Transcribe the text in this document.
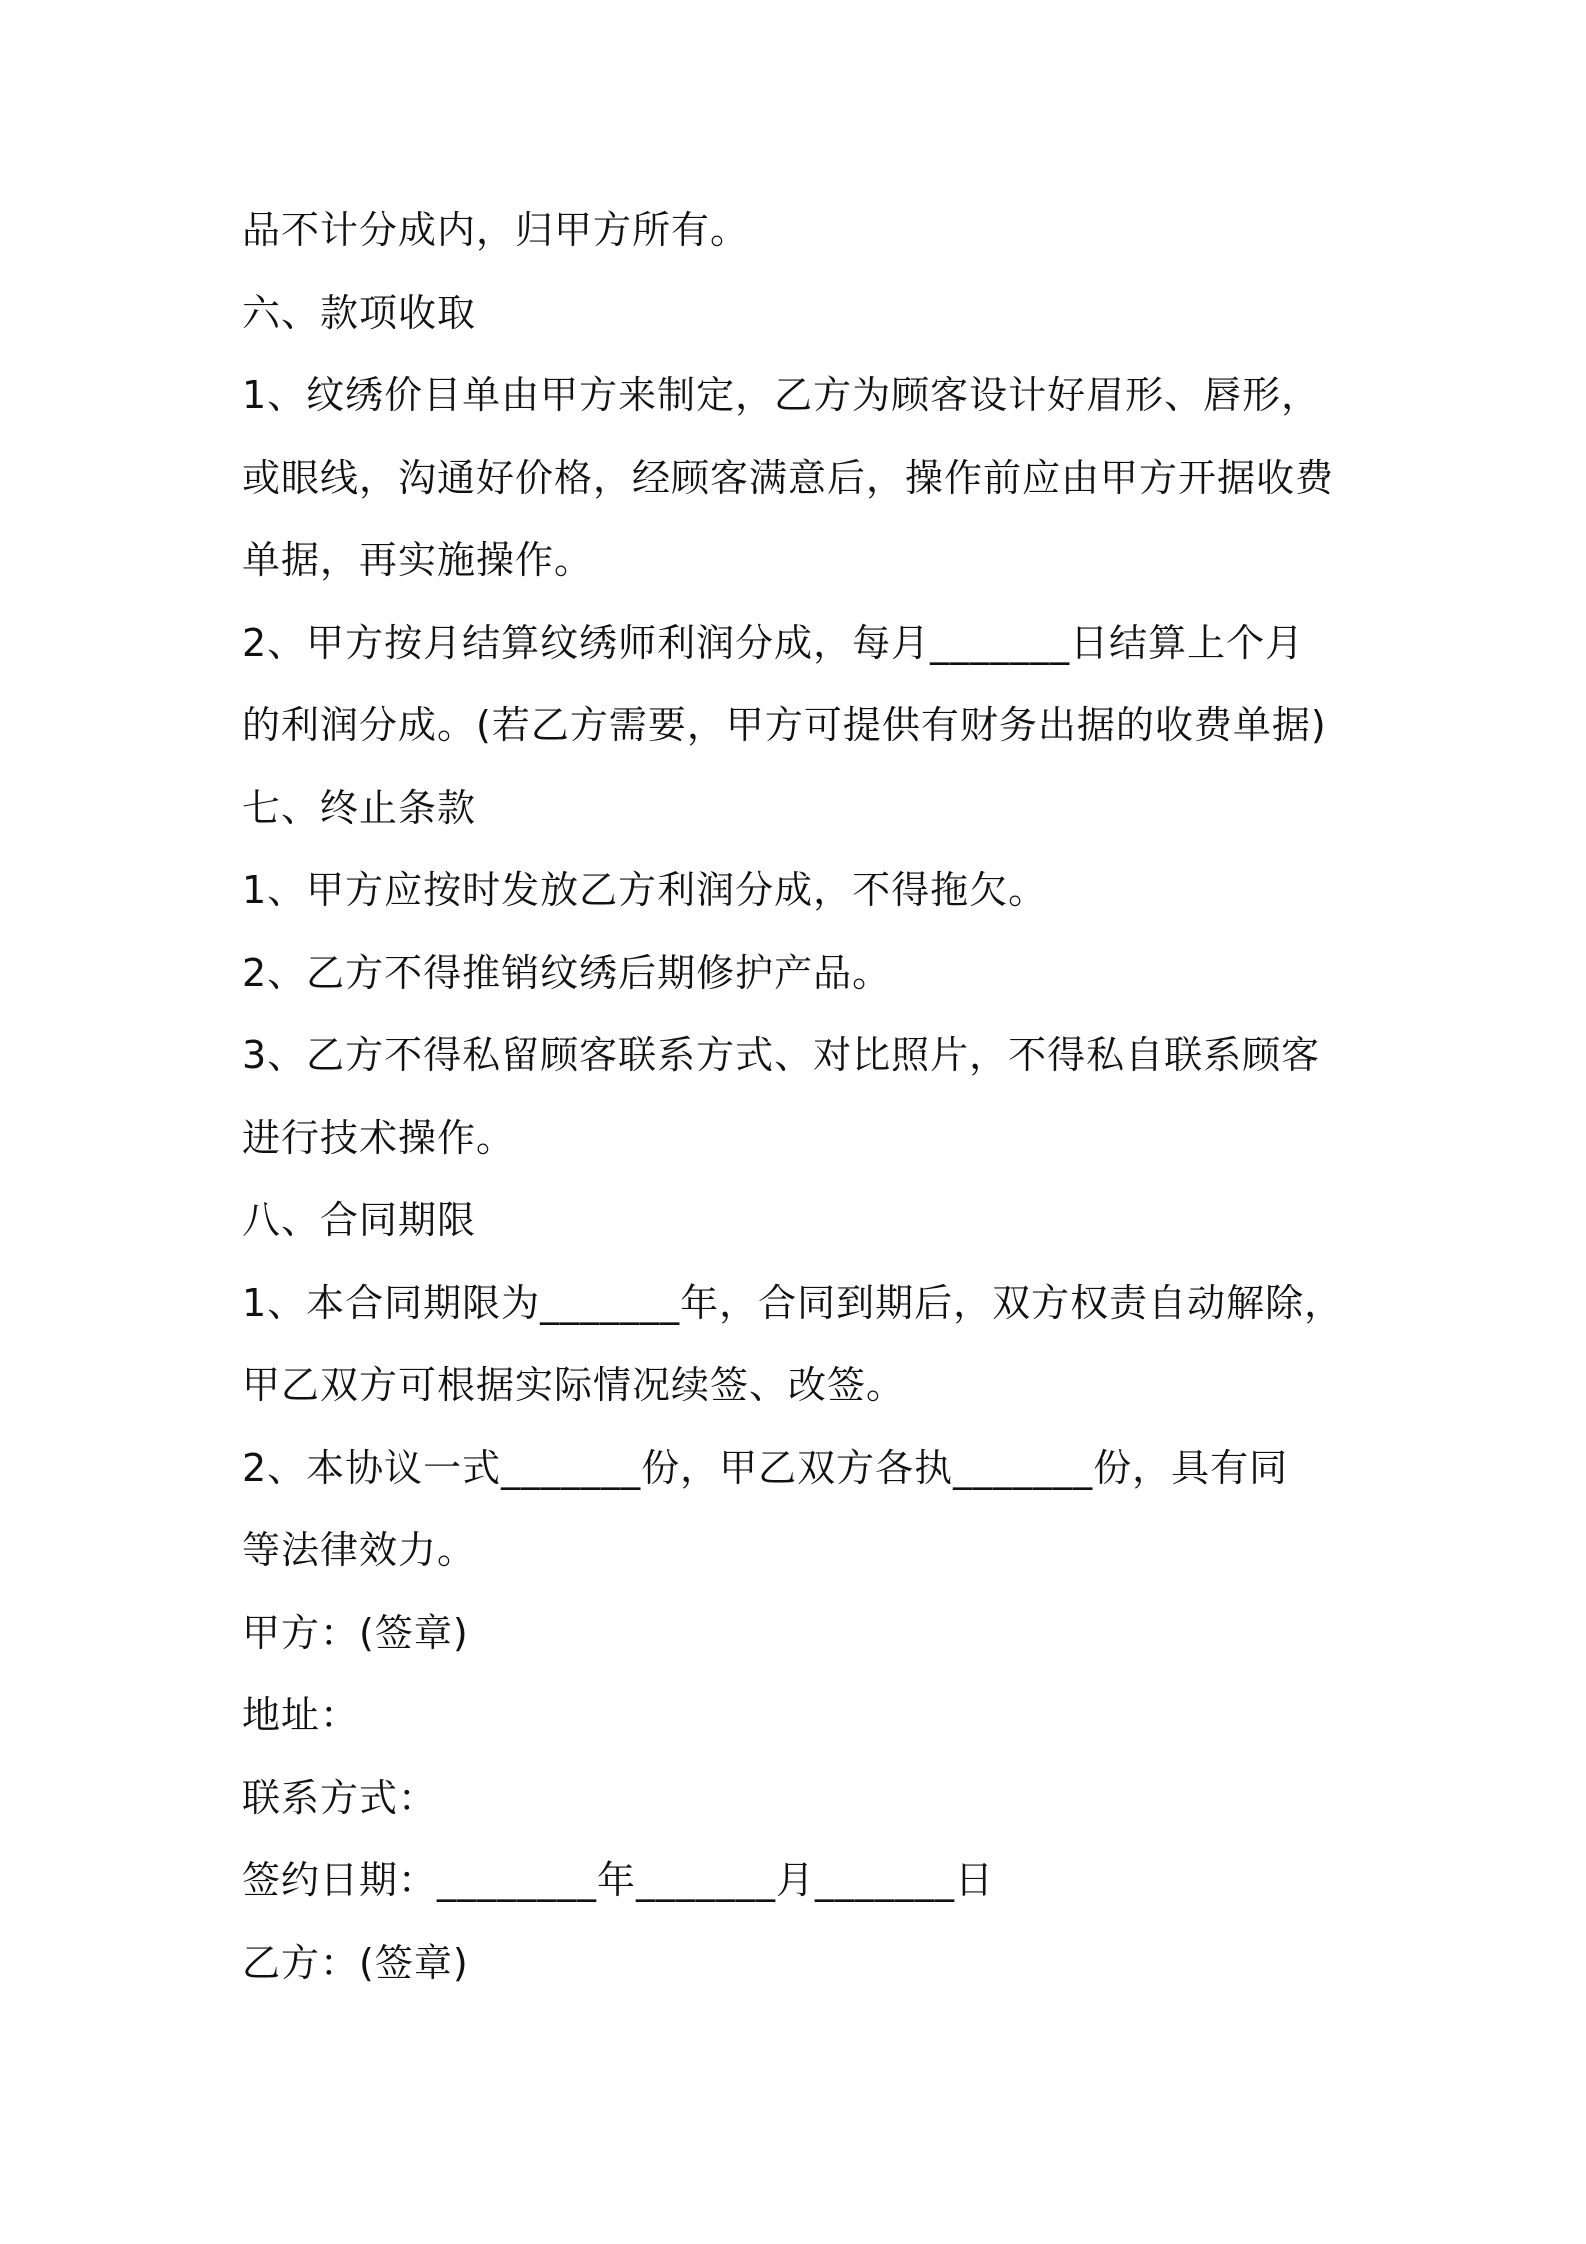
品不计分成内，归甲方所有。
六、款项收取
1、纹绣价目单由甲方来制定，乙方为顾客设计好眉形、唇形，
或眼线，沟通好价格，经顾客满意后，操作前应由甲方开据收费
单据，再实施操作。
2、甲方按月结算纹绣师利润分成，每月_______日结算上个月
的利润分成。(若乙方需要，甲方可提供有财务出据的收费单据)
七、终止条款
1、甲方应按时发放乙方利润分成，不得拖欠。
2、乙方不得推销纹绣后期修护产品。
3、乙方不得私留顾客联系方式、对比照片，不得私自联系顾客
进行技术操作。
八、合同期限
1、本合同期限为_______年，合同到期后，双方权责自动解除，
甲乙双方可根据实际情况续签、改签。
2、本协议一式_______份，甲乙双方各执_______份，具有同
等法律效力。
甲方：(签章)
地址：
联系方式：
签约日期：________年_______月_______日
乙方：(签章)
